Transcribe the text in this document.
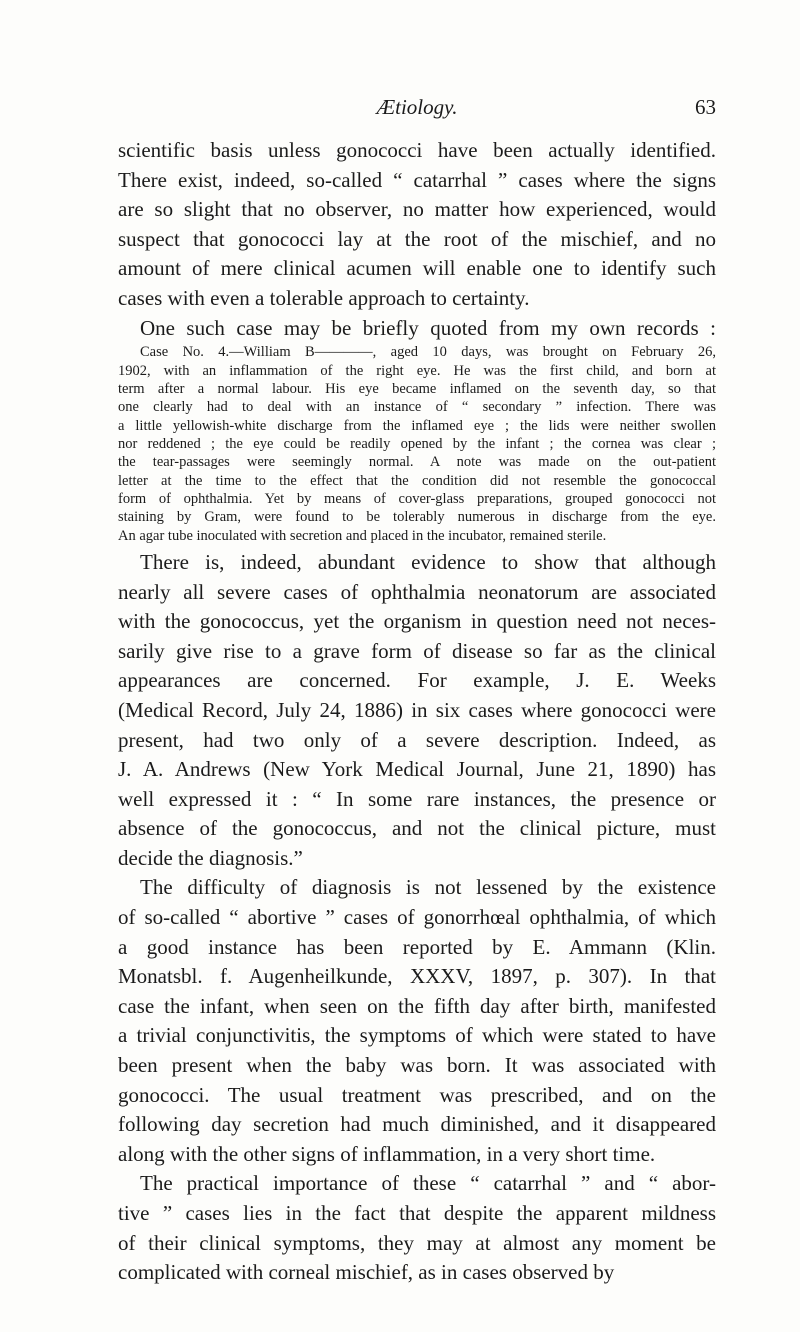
Ætiology.	63
scientific basis unless gonococci have been actually identified.
There exist, indeed, so-called “ catarrhal ” cases where the signs
are so slight that no observer, no matter how experienced, would
suspect that gonococci lay at the root of the mischief, and no
amount of mere clinical acumen will enable one to identify such
cases with even a tolerable approach to certainty.
One such case may be briefly quoted from my own records :
Case No. 4.—William B————, aged 10 days, was brought on February 26,
1902, with an inflammation of the right eye. He was the first child, and born at
term after a normal labour. His eye became inflamed on the seventh day, so that
one clearly had to deal with an instance of “ secondary ” infection. There was
a little yellowish-white discharge from the inflamed eye ; the lids were neither swollen
nor reddened ; the eye could be readily opened by the infant ; the cornea was clear ;
the tear-passages were seemingly normal. A note was made on the out-patient
letter at the time to the effect that the condition did not resemble the gonococcal
form of ophthalmia. Yet by means of cover-glass preparations, grouped gonococci not
staining by Gram, were found to be tolerably numerous in discharge from the eye.
An agar tube inoculated with secretion and placed in the incubator, remained sterile.
There is, indeed, abundant evidence to show that although
nearly all severe cases of ophthalmia neonatorum are associated
with the gonococcus, yet the organism in question need not neces-
sarily give rise to a grave form of disease so far as the clinical
appearances are concerned. For example, J. E. Weeks
(Medical Record, July 24, 1886) in six cases where gonococci were
present, had two only of a severe description. Indeed, as
J. A. Andrews (New York Medical Journal, June 21, 1890) has
well expressed it : “ In some rare instances, the presence or
absence of the gonococcus, and not the clinical picture, must
decide the diagnosis.”
The difficulty of diagnosis is not lessened by the existence
of so-called “ abortive ” cases of gonorrhœal ophthalmia, of which
a good instance has been reported by E. Ammann (Klin.
Monatsbl. f. Augenheilkunde, XXXV, 1897, p. 307). In that
case the infant, when seen on the fifth day after birth, manifested
a trivial conjunctivitis, the symptoms of which were stated to have
been present when the baby was born. It was associated with
gonococci. The usual treatment was prescribed, and on the
following day secretion had much diminished, and it disappeared
along with the other signs of inflammation, in a very short time.
The practical importance of these “ catarrhal ” and “ abor-
tive ” cases lies in the fact that despite the apparent mildness
of their clinical symptoms, they may at almost any moment be
complicated with corneal mischief, as in cases observed by
